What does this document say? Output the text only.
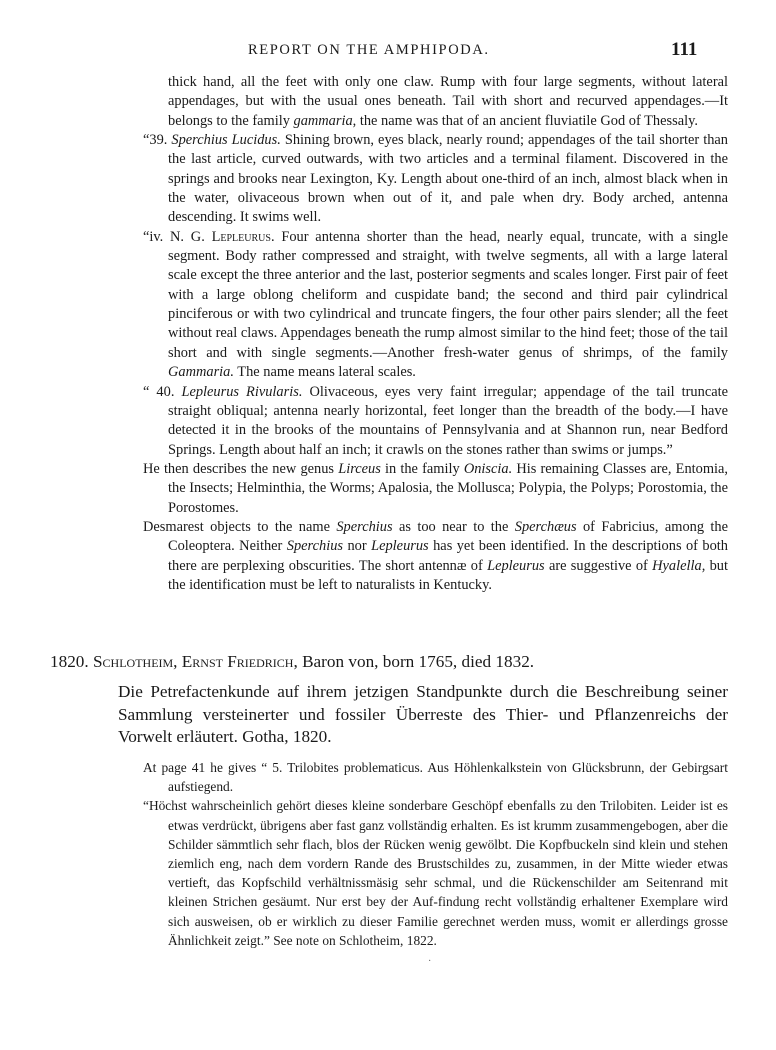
REPORT ON THE AMPHIPODA.	111

thick hand, all the feet with only one claw. Rump with four large segments, without lateral appendages, but with the usual ones beneath. Tail with short and recurved appendages.—It belongs to the family gammaria, the name was that of an ancient fluviatile God of Thessaly.

“39. Sperchius Lucidus. Shining brown, eyes black, nearly round; appendages of the tail shorter than the last article, curved outwards, with two articles and a terminal filament. Discovered in the springs and brooks near Lexington, Ky. Length about one-third of an inch, almost black when in the water, olivaceous brown when out of it, and pale when dry. Body arched, antenna descending. It swims well.

“iv. N. G. Lepleurus. Four antenna shorter than the head, nearly equal, truncate, with a single segment. Body rather compressed and straight, with twelve segments, all with a large lateral scale except the three anterior and the last, posterior segments and scales longer. First pair of feet with a large oblong cheliform and cuspidate band; the second and third pair cylindrical pinciferous or with two cylindrical and truncate fingers, the four other pairs slender; all the feet without real claws. Appendages beneath the rump almost similar to the hind feet; those of the tail short and with single segments.—Another fresh-water genus of shrimps, of the family Gammaria. The name means lateral scales.

“ 40. Lepleurus Rivularis. Olivaceous, eyes very faint irregular; appendage of the tail truncate straight obliqual; antenna nearly horizontal, feet longer than the breadth of the body.—I have detected it in the brooks of the mountains of Pennsylvania and at Shannon run, near Bedford Springs. Length about half an inch; it crawls on the stones rather than swims or jumps.”

He then describes the new genus Lirceus in the family Oniscia. His remaining Classes are, Entomia, the Insects; Helminthia, the Worms; Apalosia, the Mollusca; Polypia, the Polyps; Porostomia, the Porostomes.

Desmarest objects to the name Sperchius as too near to the Sperchæus of Fabricius, among the Coleoptera. Neither Sperchius nor Lepleurus has yet been identified. In the descriptions of both there are perplexing obscurities. The short antennæ of Lepleurus are suggestive of Hyalella, but the identification must be left to naturalists in Kentucky.

1820. Schlotheim, Ernst Friedrich, Baron von, born 1765, died 1832.
Die Petrefactenkunde auf ihrem jetzigen Standpunkte durch die Beschreibung seiner Sammlung versteinerter und fossiler Überreste des Thier- und Pflanzenreichs der Vorwelt erläutert. Gotha, 1820.

At page 41 he gives “ 5. Trilobites problematicus. Aus Höhlenkalkstein von Glücksbrunn, der Gebirgsart aufstiegend.

“Höchst wahrscheinlich gehört dieses kleine sonderbare Geschöpf ebenfalls zu den Trilobiten. Leider ist es etwas verdrückt, übrigens aber fast ganz vollständig erhalten. Es ist krumm zusammengebogen, aber die Schilder sämmtlich sehr flach, blos der Rücken wenig gewölbt. Die Kopfbuckeln sind klein und stehen ziemlich eng, nach dem vordern Rande des Brustschildes zu, zusammen, in der Mitte wieder etwas vertieft, das Kopfschild verhältnissmäsig sehr schmal, und die Rückenschilder am Seitenrand mit kleinen Strichen gesäumt. Nur erst bey der Auf-findung recht vollständig erhaltener Exemplare wird sich ausweisen, ob er wirklich zu dieser Familie gerechnet werden muss, womit er allerdings grosse Ähnlichkeit zeigt.” See note on Schlotheim, 1822.

·
